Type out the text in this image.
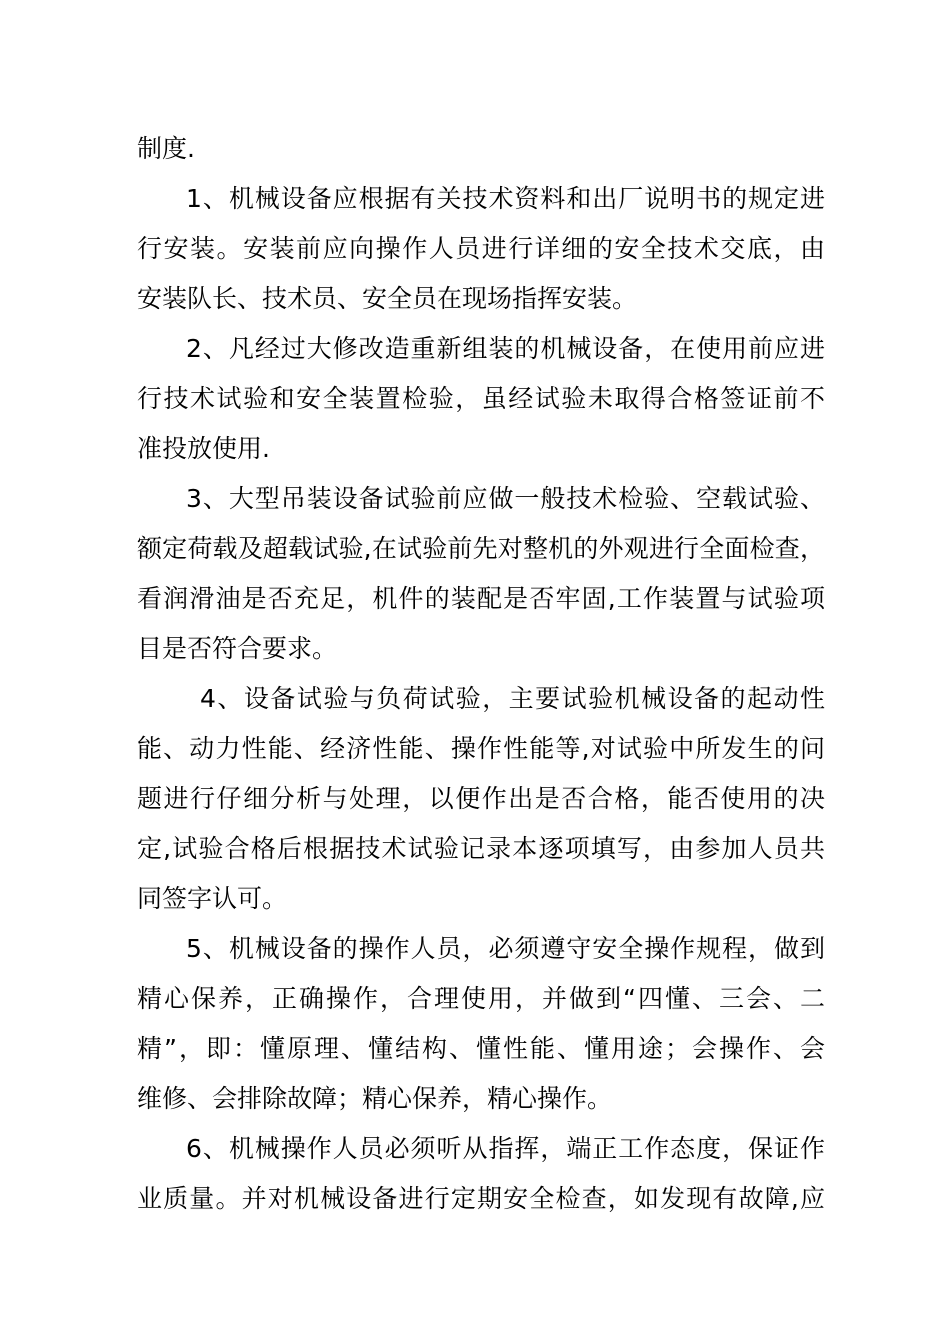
制度.

1、机械设备应根据有关技术资料和出厂说明书的规定进

行安装。安装前应向操作人员进行详细的安全技术交底，由

安装队长、技术员、安全员在现场指挥安装。

2、凡经过大修改造重新组装的机械设备，在使用前应进

行技术试验和安全装置检验，虽经试验未取得合格签证前不

准投放使用.

3、大型吊装设备试验前应做一般技术检验、空载试验、

额定荷载及超载试验,在试验前先对整机的外观进行全面检查，

看润滑油是否充足，机件的装配是否牢固,工作装置与试验项

目是否符合要求。

4、设备试验与负荷试验，主要试验机械设备的起动性

能、动力性能、经济性能、操作性能等,对试验中所发生的问

题进行仔细分析与处理，以便作出是否合格，能否使用的决

定,试验合格后根据技术试验记录本逐项填写，由参加人员共

同签字认可。

5、机械设备的操作人员，必须遵守安全操作规程，做到

精心保养，正确操作，合理使用，并做到“四懂、三会、二

精”，即：懂原理、懂结构、懂性能、懂用途；会操作、会

维修、会排除故障；精心保养，精心操作。

6、机械操作人员必须听从指挥，端正工作态度，保证作

业质量。并对机械设备进行定期安全检查，如发现有故障,应
